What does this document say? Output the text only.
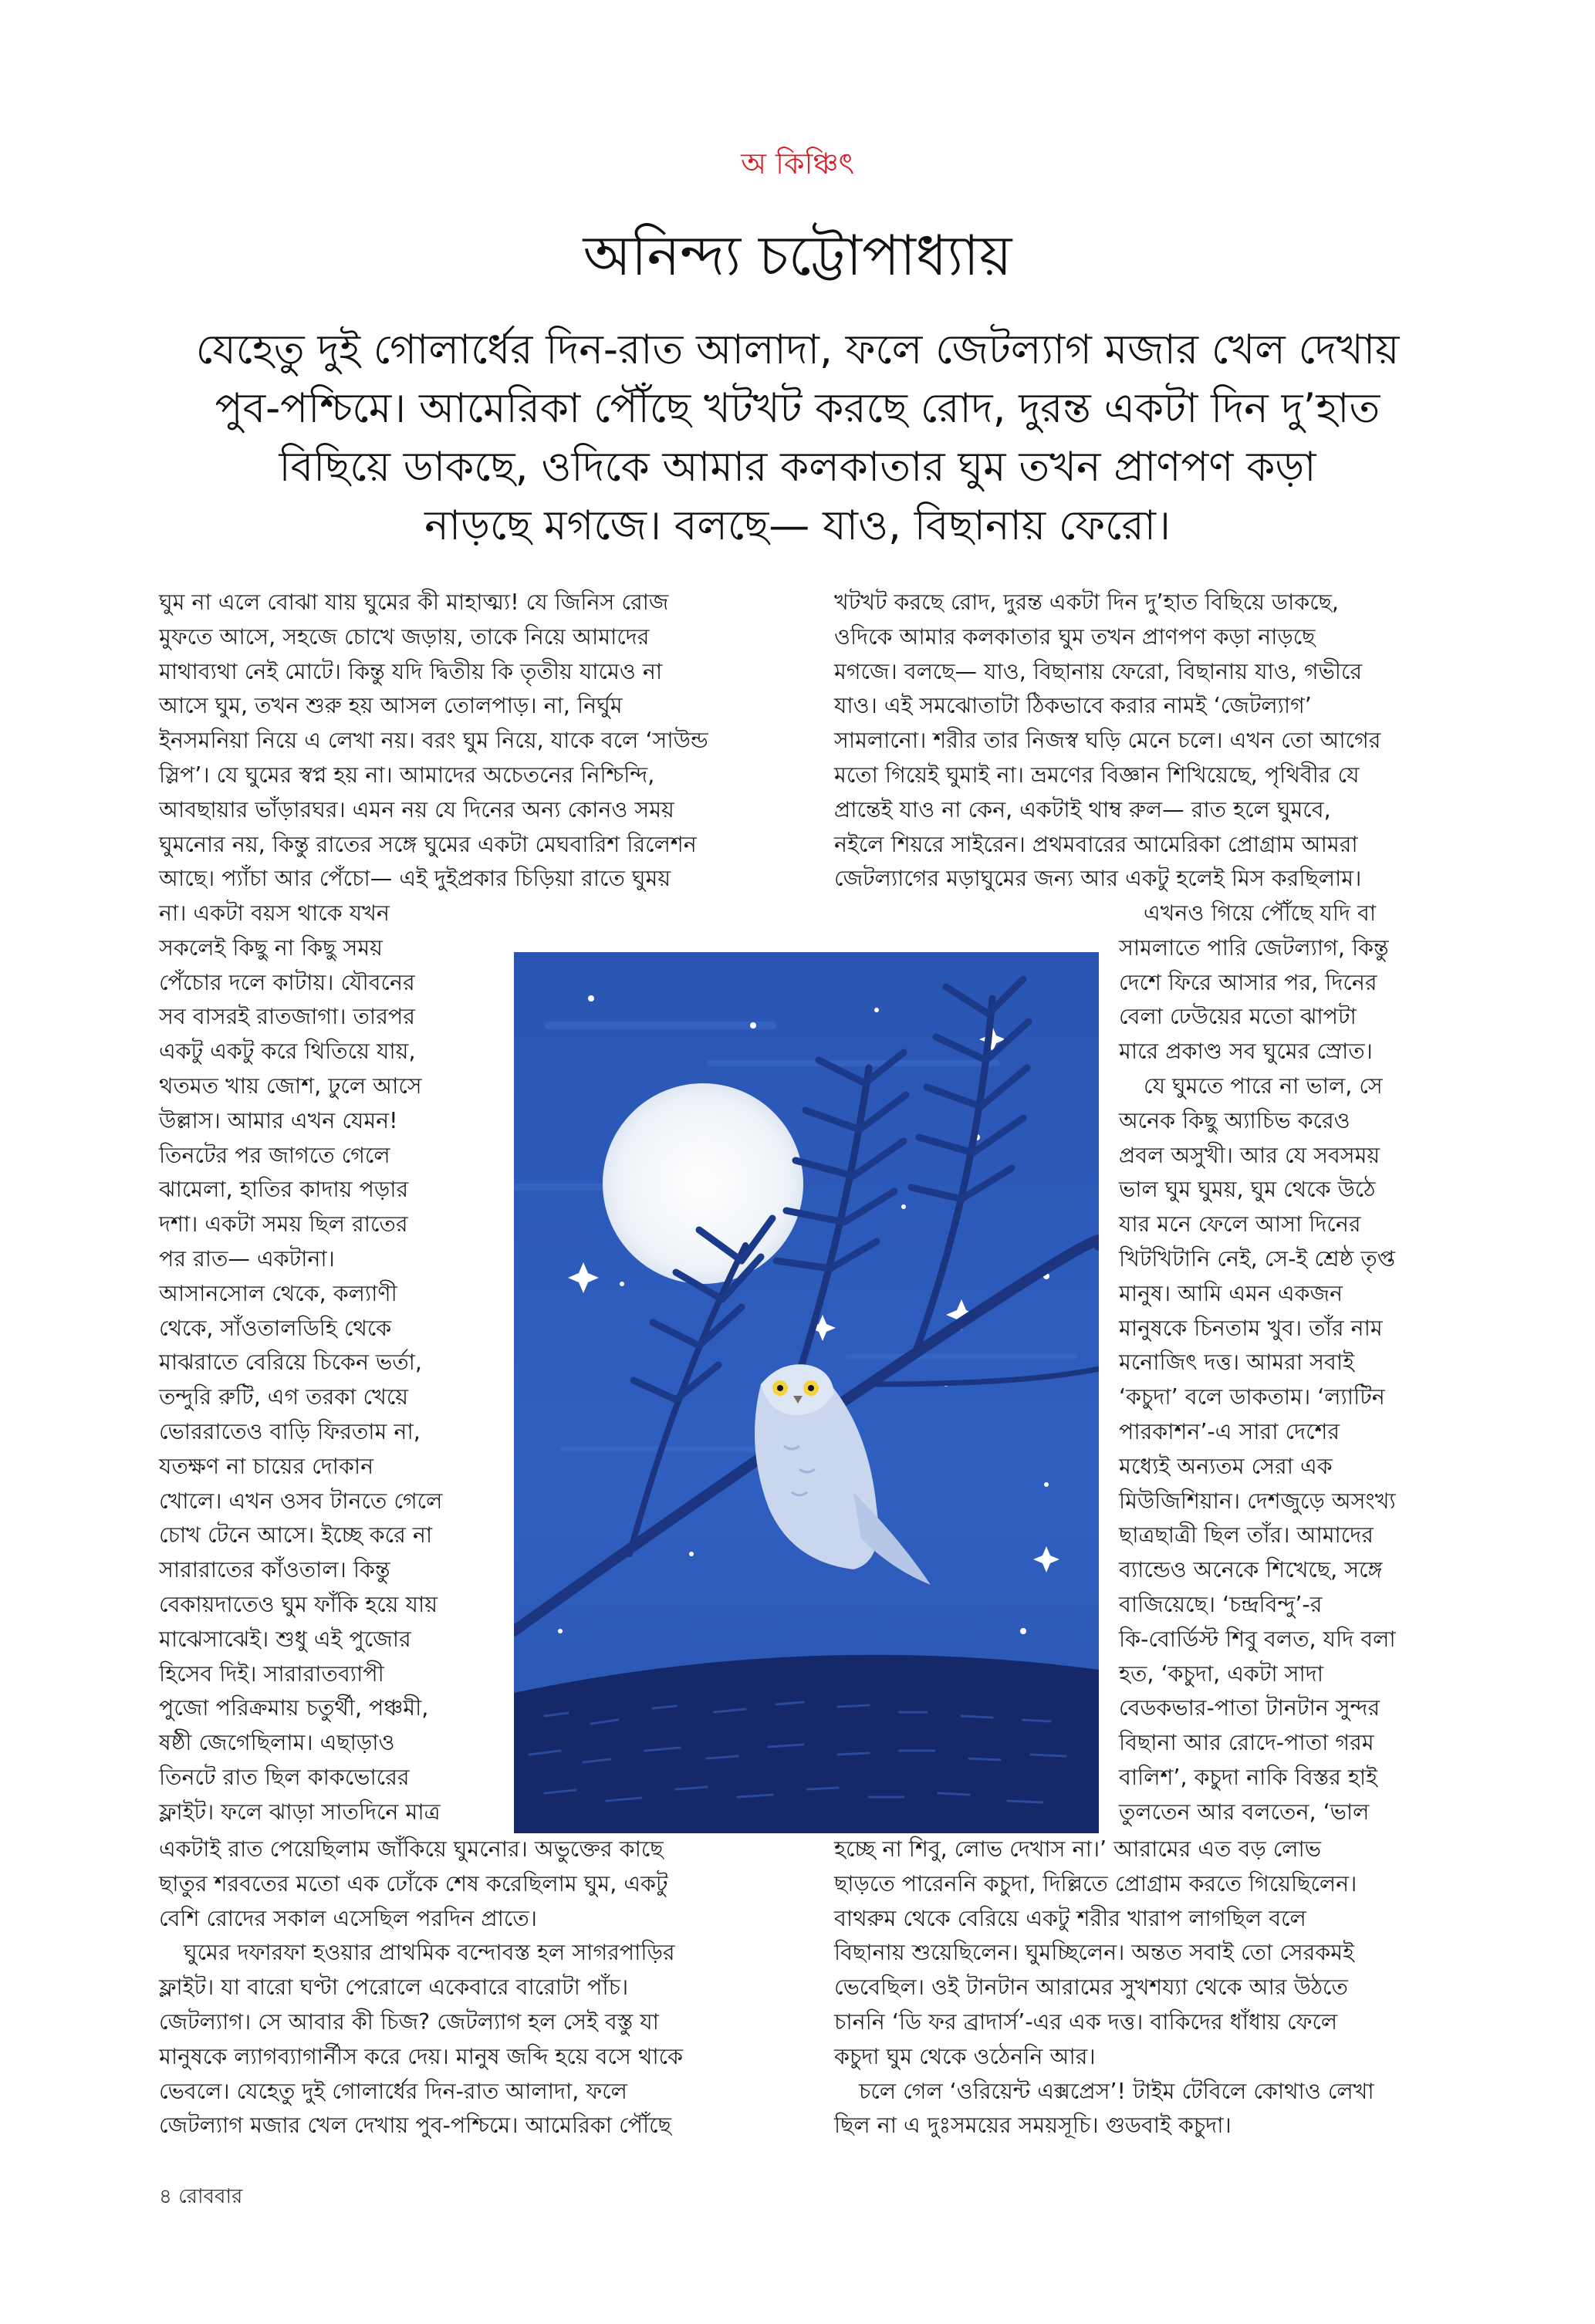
অ কিঞ্চিৎ
অনিন্দ্য চট্টোপাধ্যায়
যেহেতু দুই গোলার্ধের দিন-রাত আলাদা, ফলে জেটল্যাগ মজার খেল দেখায়
পুব-পশ্চিমে। আমেরিকা পৌঁছে খটখট করছে রোদ, দুরন্ত একটা দিন দু’হাত
বিছিয়ে ডাকছে, ওদিকে আমার কলকাতার ঘুম তখন প্রাণপণ কড়া
নাড়ছে মগজে। বলছে— যাও, বিছানায় ফেরো।

ঘুম না এলে বোঝা যায় ঘুমের কী মাহাত্ম্য! যে জিনিস রোজ

মুফতে আসে, সহজে চোখে জড়ায়, তাকে নিয়ে আমাদের

মাথাব্যথা নেই মোটে। কিন্তু যদি দ্বিতীয় কি তৃতীয় যামেও না

আসে ঘুম, তখন শুরু হয় আসল তোলপাড়। না, নির্ঘুম

ইনসমনিয়া নিয়ে এ লেখা নয়। বরং ঘুম নিয়ে, যাকে বলে ‘সাউন্ড

স্লিপ’। যে ঘুমের স্বপ্ন হয় না। আমাদের অচেতনের নিশ্চিন্দি,

আবছায়ার ভাঁড়ারঘর। এমন নয় যে দিনের অন্য কোনও সময়

ঘুমনোর নয়, কিন্তু রাতের সঙ্গে ঘুমের একটা মেঘবারিশ রিলেশন

আছে। প্যাঁচা আর পেঁচো— এই দুইপ্রকার চিড়িয়া রাতে ঘুময়

না। একটা বয়স থাকে যখন

সকলেই কিছু না কিছু সময়

পেঁচোর দলে কাটায়। যৌবনের

সব বাসরই রাতজাগা। তারপর

একটু একটু করে থিতিয়ে যায়,

থতমত খায় জোশ, ঢুলে আসে

উল্লাস। আমার এখন যেমন!

তিনটের পর জাগতে গেলে

ঝামেলা, হাতির কাদায় পড়ার

দশা। একটা সময় ছিল রাতের

পর রাত— একটানা।

আসানসোল থেকে, কল্যাণী

থেকে, সাঁওতালডিহি থেকে

মাঝরাতে বেরিয়ে চিকেন ভর্তা,

তন্দুরি রুটি, এগ তরকা খেয়ে

ভোররাতেও বাড়ি ফিরতাম না,

যতক্ষণ না চায়ের দোকান

খোলে। এখন ওসব টানতে গেলে

চোখ টেনে আসে। ইচ্ছে করে না

সারারাতের কাঁওতাল। কিন্তু

বেকায়দাতেও ঘুম ফাঁকি হয়ে যায়

মাঝেসাঝেই। শুধু এই পুজোর

হিসেব দিই। সারারাতব্যাপী

পুজো পরিক্রমায় চতুর্থী, পঞ্চমী,

ষষ্ঠী জেগেছিলাম। এছাড়াও

তিনটে রাত ছিল কাকভোরের

ফ্লাইট। ফলে ঝাড়া সাতদিনে মাত্র

একটাই রাত পেয়েছিলাম জাঁকিয়ে ঘুমনোর। অভুক্তের কাছে

ছাতুর শরবতের মতো এক ঢোঁকে শেষ করেছিলাম ঘুম, একটু

বেশি রোদের সকাল এসেছিল পরদিন প্রাতে।

ঘুমের দফারফা হওয়ার প্রাথমিক বন্দোবস্ত হল সাগরপাড়ির

ফ্লাইট। যা বারো ঘণ্টা পেরোলে একেবারে বারোটা পাঁচ।

জেটল্যাগ। সে আবার কী চিজ? জেটল্যাগ হল সেই বস্তু যা

মানুষকে ল্যাগব্যাগার্নীস করে দেয়। মানুষ জব্দি হয়ে বসে থাকে

ভেবলে। যেহেতু দুই গোলার্ধের দিন-রাত আলাদা, ফলে

জেটল্যাগ মজার খেল দেখায় পুব-পশ্চিমে। আমেরিকা পৌঁছে

খটখট করছে রোদ, দুরন্ত একটা দিন দু’হাত বিছিয়ে ডাকছে,

ওদিকে আমার কলকাতার ঘুম তখন প্রাণপণ কড়া নাড়ছে

মগজে। বলছে— যাও, বিছানায় ফেরো, বিছানায় যাও, গভীরে

যাও। এই সমঝোতাটা ঠিকভাবে করার নামই ‘জেটল্যাগ’

সামলানো। শরীর তার নিজস্ব ঘড়ি মেনে চলে। এখন তো আগের

মতো গিয়েই ঘুমাই না। ভ্রমণের বিজ্ঞান শিখিয়েছে, পৃথিবীর যে

প্রান্তেই যাও না কেন, একটাই থাম্ব রুল— রাত হলে ঘুমবে,

নইলে শিয়রে সাইরেন। প্রথমবারের আমেরিকা প্রোগ্রাম আমরা

জেটল্যাগের মড়াঘুমের জন্য আর একটু হলেই মিস করছিলাম।

এখনও গিয়ে পৌঁছে যদি বা

সামলাতে পারি জেটল্যাগ, কিন্তু

দেশে ফিরে আসার পর, দিনের

বেলা ঢেউয়ের মতো ঝাপটা

মারে প্রকাণ্ড সব ঘুমের স্রোত।

যে ঘুমতে পারে না ভাল, সে

অনেক কিছু অ্যাচিভ করেও

প্রবল অসুখী। আর যে সবসময়

ভাল ঘুম ঘুময়, ঘুম থেকে উঠে

যার মনে ফেলে আসা দিনের

খিটখিটানি নেই, সে-ই শ্রেষ্ঠ তৃপ্ত

মানুষ। আমি এমন একজন

মানুষকে চিনতাম খুব। তাঁর নাম

মনোজিৎ দত্ত। আমরা সবাই

‘কচুদা’ বলে ডাকতাম। ‘ল্যাটিন

পারকাশন’-এ সারা দেশের

মধ্যেই অন্যতম সেরা এক

মিউজিশিয়ান। দেশজুড়ে অসংখ্য

ছাত্রছাত্রী ছিল তাঁর। আমাদের

ব্যান্ডেও অনেকে শিখেছে, সঙ্গে

বাজিয়েছে। ‘চন্দ্রবিন্দু’-র

কি-বোর্ডিস্ট শিবু বলত, যদি বলা

হত, ‘কচুদা, একটা সাদা

বেডকভার-পাতা টানটান সুন্দর

বিছানা আর রোদে-পাতা গরম

বালিশ’, কচুদা নাকি বিস্তর হাই

তুলতেন আর বলতেন, ‘ভাল

হচ্ছে না শিবু, লোভ দেখাস না।’ আরামের এত বড় লোভ

ছাড়তে পারেননি কচুদা, দিল্লিতে প্রোগ্রাম করতে গিয়েছিলেন।

বাথরুম থেকে বেরিয়ে একটু শরীর খারাপ লাগছিল বলে

বিছানায় শুয়েছিলেন। ঘুমচ্ছিলেন। অন্তত সবাই তো সেরকমই

ভেবেছিল। ওই টানটান আরামের সুখশয্যা থেকে আর উঠতে

চাননি ‘ডি ফর ব্রাদার্স’-এর এক দত্ত। বাকিদের ধাঁধায় ফেলে

কচুদা ঘুম থেকে ওঠেননি আর।

চলে গেল ‘ওরিয়েন্ট এক্সপ্রেস’! টাইম টেবিলে কোথাও লেখা

ছিল না এ দুঃসময়ের সময়সূচি। গুডবাই কচুদা।

৪ রোববার
